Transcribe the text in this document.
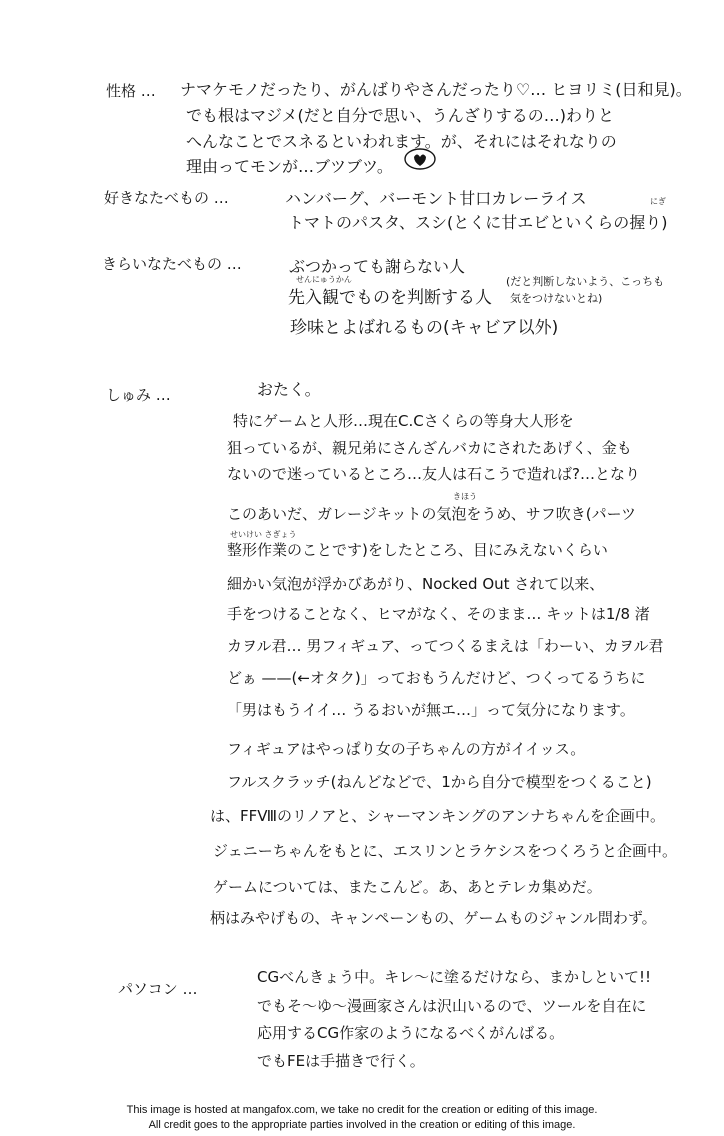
性格 … ナマケモノだったり、がんばりやさんだったり♡… ヒヨリミ(日和見)。
でも根はマジメ(だと自分で思い、うんざりするの…)わりと
へんなことでスネるといわれます。が、それにはそれなりの
理由ってモンが…ブツブツ。
好きなたべもの …	ハンバーグ、バーモント甘口カレーライス	にぎ
トマトのパスタ、スシ(とくに甘エビといくらの握り)
きらいなたべもの …	ぶつかっても謝らない人
せんにゅうかん
先入観でものを判断する人
(だと判断しないよう、こっちも
気をつけないとね)
珍味とよばれるもの(キャビア以外)
しゅみ …	おたく。
特にゲームと人形…現在C.Cさくらの等身大人形を
狙っているが、親兄弟にさんざんバカにされたあげく、金も
ないので迷っているところ…友人は石こうで造れば?…となり
きほう
このあいだ、ガレージキットの気泡をうめ、サフ吹き(パーツ
せいけい さぎょう
整形作業のことです)をしたところ、目にみえないくらい
細かい気泡が浮かびあがり、Nocked Out されて以来、
手をつけることなく、ヒマがなく、そのまま… キットは1/8 渚
カヲル君… 男フィギュア、ってつくるまえは「わーい、カヲル君
どぁ ——(←オタク)」っておもうんだけど、つくってるうちに
「男はもうイイ… うるおいが無エ…」って気分になります。
フィギュアはやっぱり女の子ちゃんの方がイイッス。
フルスクラッチ(ねんどなどで、1から自分で模型をつくること)
は、FFⅧのリノアと、シャーマンキングのアンナちゃんを企画中。
ジェニーちゃんをもとに、エスリンとラケシスをつくろうと企画中。
ゲームについては、またこんど。あ、あとテレカ集めだ。
柄はみやげもの、キャンペーンもの、ゲームものジャンル問わず。
パソコン …
CGべんきょう中。キレ〜に塗るだけなら、まかしといて!!
でもそ〜ゆ〜漫画家さんは沢山いるので、ツールを自在に
応用するCG作家のようになるべくがんばる。
でもFEは手描きで行く。
This image is hosted at mangafox.com, we take no credit for the creation or editing of this image.
All credit goes to the appropriate parties involved in the creation or editing of this image.
